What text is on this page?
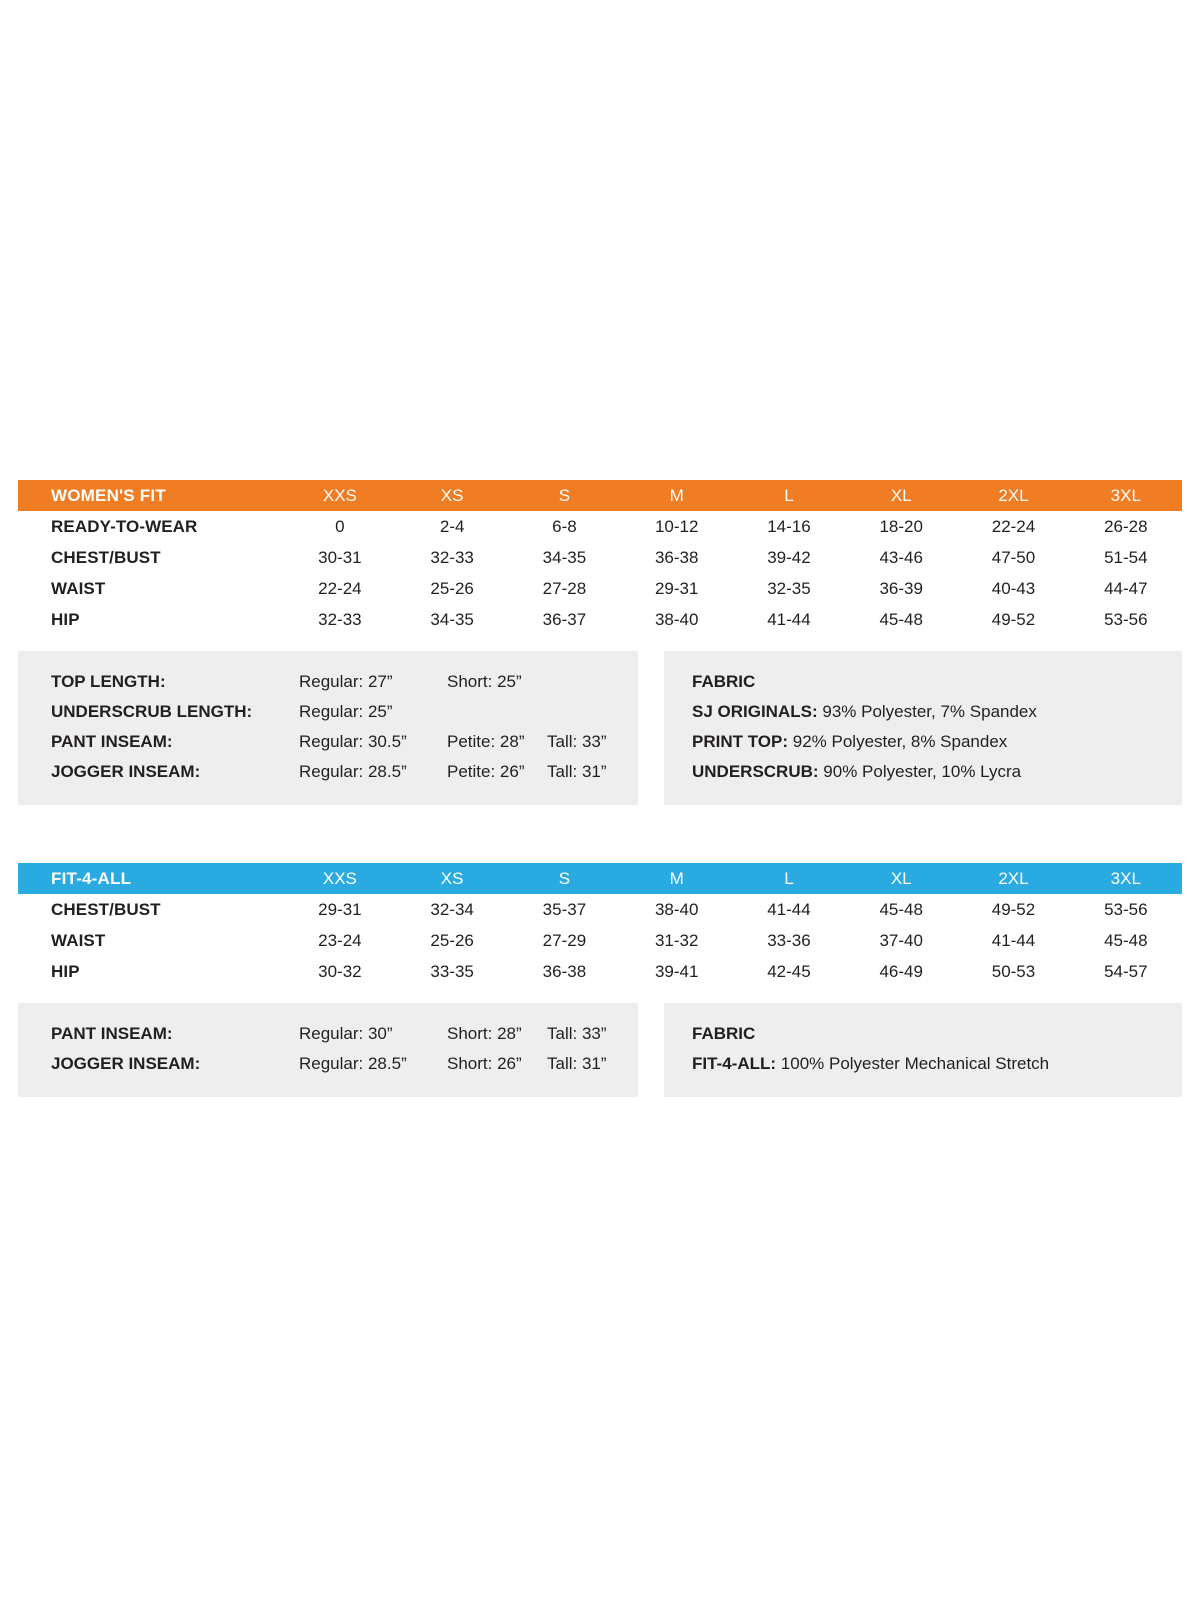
WOMEN'S FIT	XXS	XS	S	M	L	XL	2XL	3XL
READY-TO-WEAR	0	2-4	6-8	10-12	14-16	18-20	22-24	26-28
CHEST/BUST	30-31	32-33	34-35	36-38	39-42	43-46	47-50	51-54
WAIST	22-24	25-26	27-28	29-31	32-35	36-39	40-43	44-47
HIP	32-33	34-35	36-37	38-40	41-44	45-48	49-52	53-56
TOP LENGTH:	Regular: 27”	Short: 25”
UNDERSCRUB LENGTH:	Regular: 25”
PANT INSEAM:	Regular: 30.5”	Petite: 28”	Tall: 33”
JOGGER INSEAM:	Regular: 28.5”	Petite: 26”	Tall: 31”
FABRIC
SJ ORIGINALS: 93% Polyester, 7% Spandex
PRINT TOP: 92% Polyester, 8% Spandex
UNDERSCRUB: 90% Polyester, 10% Lycra
FIT-4-ALL	XXS	XS	S	M	L	XL	2XL	3XL
CHEST/BUST	29-31	32-34	35-37	38-40	41-44	45-48	49-52	53-56
WAIST	23-24	25-26	27-29	31-32	33-36	37-40	41-44	45-48
HIP	30-32	33-35	36-38	39-41	42-45	46-49	50-53	54-57
PANT INSEAM:	Regular: 30”	Short: 28”	Tall: 33”
JOGGER INSEAM:	Regular: 28.5”	Short: 26”	Tall: 31”
FABRIC
FIT-4-ALL: 100% Polyester Mechanical Stretch
